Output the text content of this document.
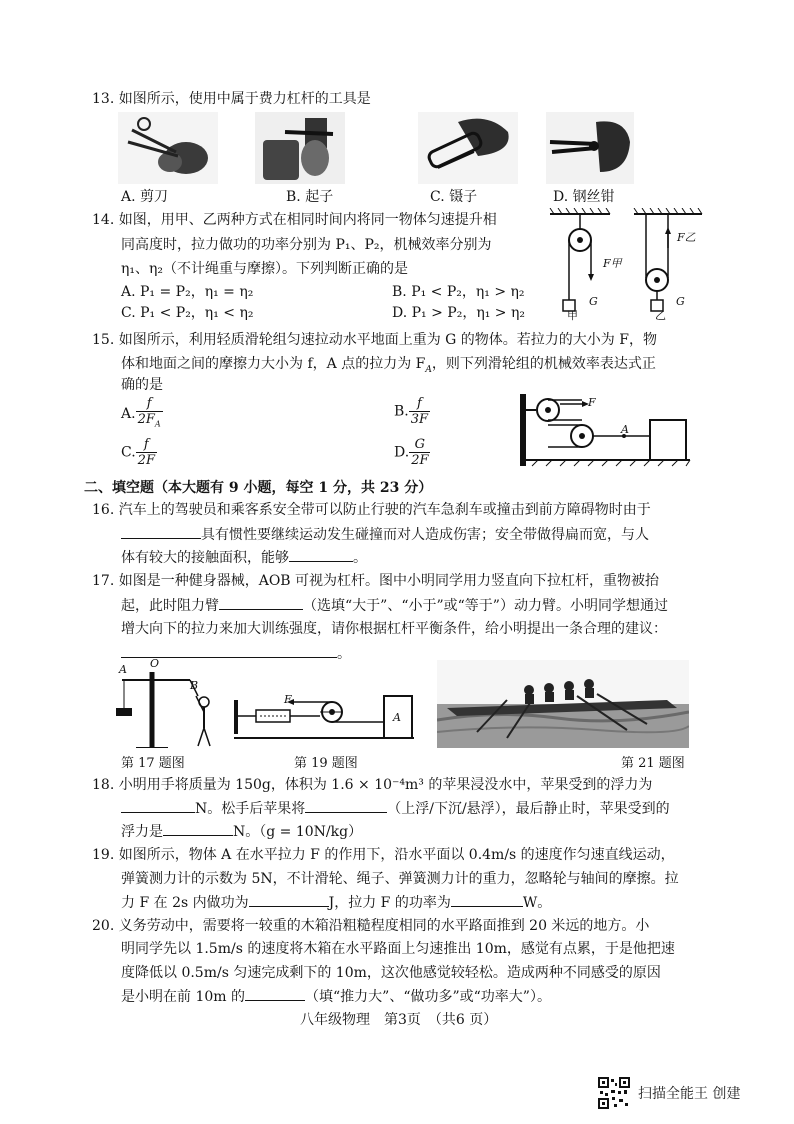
13. 如图所示，使用中属于费力杠杆的工具是
A. 剪刀	B. 起子	C. 镊子	D. 钢丝钳
14. 如图，用甲、乙两种方式在相同时间内将同一物体匀速提升相
同高度时，拉力做功的功率分别为 P₁、P₂，机械效率分别为
η₁、η₂（不计绳重与摩擦）。下列判断正确的是
A. P₁ = P₂，η₁ = η₂	B. P₁ < P₂，η₁ > η₂
C. P₁ < P₂，η₁ < η₂	D. P₁ > P₂，η₁ > η₂
F甲
F乙
G	G
甲	乙
15. 如图所示，利用轻质滑轮组匀速拉动水平地面上重为 G 的物体。若拉力的大小为 F，物
体和地面之间的摩擦力大小为 f，A 点的拉力为 $F_A$，则下列滑轮组的机械效率表达式正
确的是
A. $\frac{f}{2F_A}$	B. $\frac{f}{3F}$
C. $\frac{f}{2F}$	D. $\frac{G}{2F}$
F
A
二、填空题（本大题有 9 小题，每空 1 分，共 23 分）
16. 汽车上的驾驶员和乘客系安全带可以防止行驶的汽车急刹车或撞击到前方障碍物时由于
具有惯性要继续运动发生碰撞而对人造成伤害；安全带做得扁而宽，与人
体有较大的接触面积，能够	。
17. 如图是一种健身器械，AOB 可视为杠杆。图中小明同学用力竖直向下拉杠杆，重物被抬
起，此时阻力臂	（选填“大于”、“小于”或“等于”）动力臂。小明同学想通过
增大向下的拉力来加大训练强度，请你根据杠杆平衡条件，给小明提出一条合理的建议：
。
A O
B
F
A
第 17 题图	第 19 题图	第 21 题图
18. 小明用手将质量为 150g，体积为 1.6 × 10⁻⁴m³ 的苹果浸没水中，苹果受到的浮力为
N。松手后苹果将	（上浮/下沉/悬浮），最后静止时，苹果受到的
浮力是	N。（g = 10N/kg）
19. 如图所示，物体 A 在水平拉力 F 的作用下，沿水平面以 0.4m/s 的速度作匀速直线运动，
弹簧测力计的示数为 5N，不计滑轮、绳子、弹簧测力计的重力，忽略轮与轴间的摩擦。拉
力 F 在 2s 内做功为	J，拉力 F 的功率为	W。
20. 义务劳动中，需要将一较重的木箱沿粗糙程度相同的水平路面推到 20 米远的地方。小
明同学先以 1.5m/s 的速度将木箱在水平路面上匀速推出 10m，感觉有点累，于是他把速
度降低以 0.5m/s 匀速完成剩下的 10m，这次他感觉较轻松。造成两种不同感受的原因
是小明在前 10m 的	（填“推力大”、“做功多”或“功率大”）。
八年级物理　第3页　（共6 页）
扫描全能王 创建
